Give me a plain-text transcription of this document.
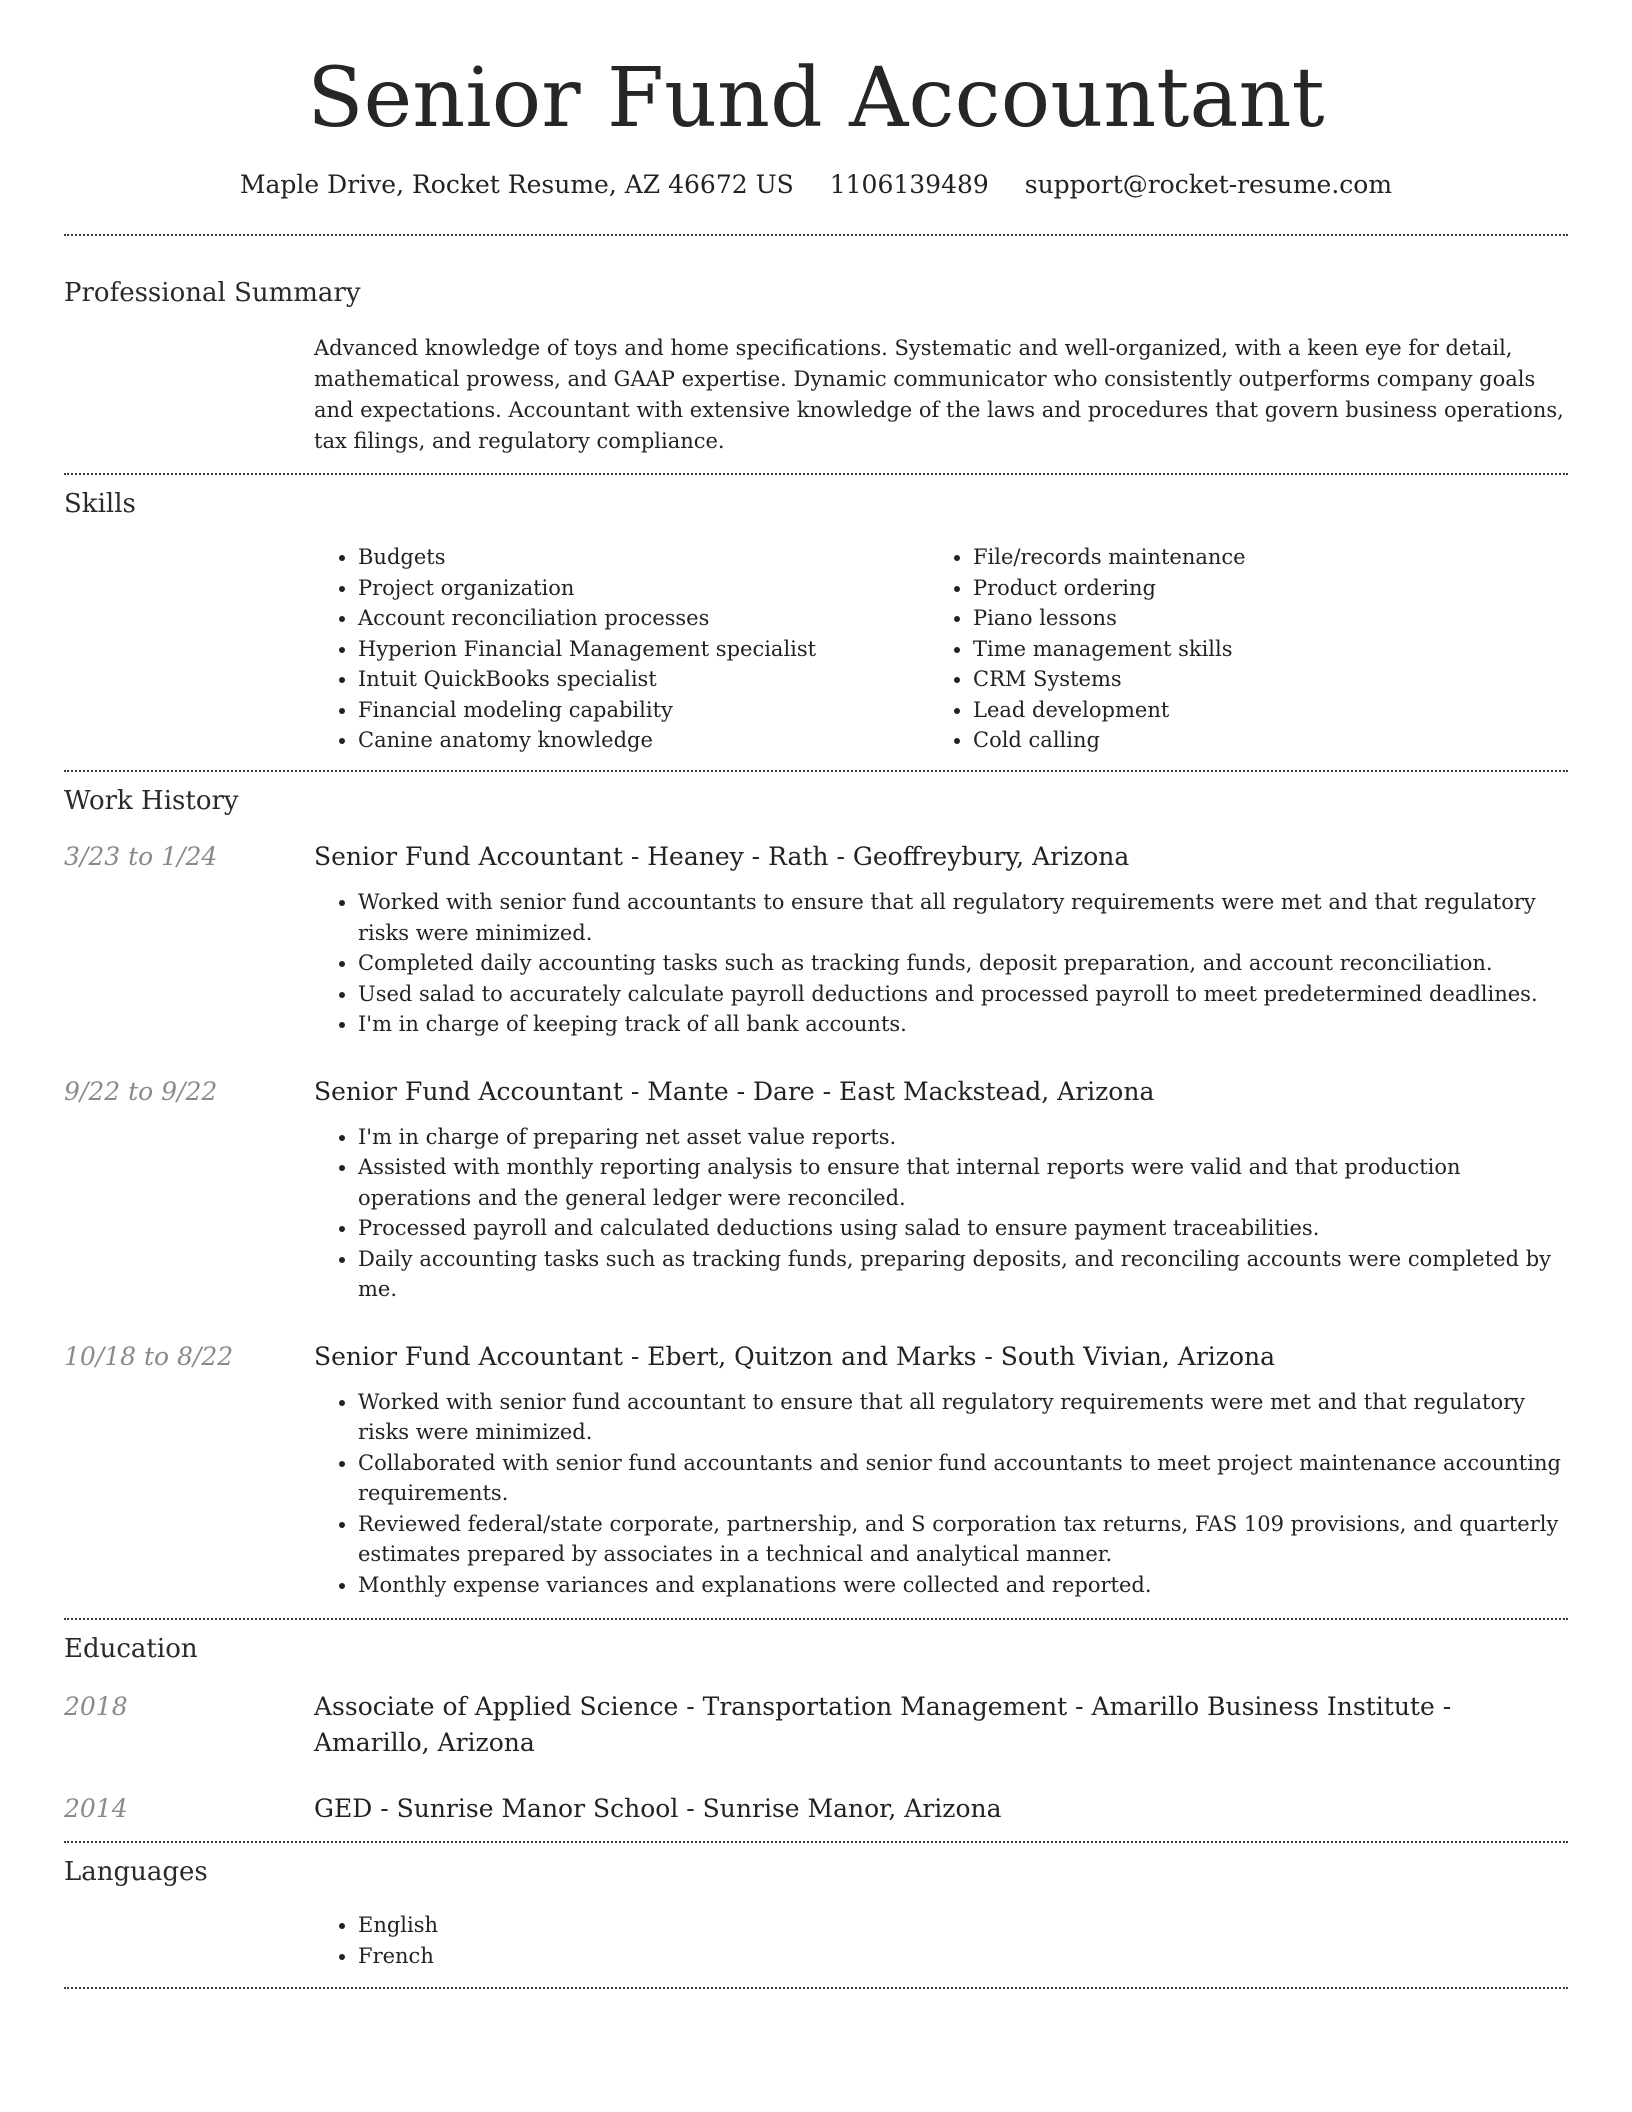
Senior Fund Accountant
Maple Drive, Rocket Resume, AZ 46672 US 1106139489 support@rocket-resume.com
Professional Summary
Advanced knowledge of toys and home specifications. Systematic and well-organized, with a keen eye for detail, mathematical prowess, and GAAP expertise. Dynamic communicator who consistently outperforms company goals and expectations. Accountant with extensive knowledge of the laws and procedures that govern business operations, tax filings, and regulatory compliance.
Skills
• Budgets
• Project organization
• Account reconciliation processes
• Hyperion Financial Management specialist
• Intuit QuickBooks specialist
• Financial modeling capability
• Canine anatomy knowledge
• File/records maintenance
• Product ordering
• Piano lessons
• Time management skills
• CRM Systems
• Lead development
• Cold calling
Work History
3/23 to 1/24	Senior Fund Accountant - Heaney - Rath - Geoffreybury, Arizona
• Worked with senior fund accountants to ensure that all regulatory requirements were met and that regulatory risks were minimized.
• Completed daily accounting tasks such as tracking funds, deposit preparation, and account reconciliation.
• Used salad to accurately calculate payroll deductions and processed payroll to meet predetermined deadlines.
• I'm in charge of keeping track of all bank accounts.
9/22 to 9/22	Senior Fund Accountant - Mante - Dare - East Mackstead, Arizona
• I'm in charge of preparing net asset value reports.
• Assisted with monthly reporting analysis to ensure that internal reports were valid and that production operations and the general ledger were reconciled.
• Processed payroll and calculated deductions using salad to ensure payment traceabilities.
• Daily accounting tasks such as tracking funds, preparing deposits, and reconciling accounts were completed by me.
10/18 to 8/22	Senior Fund Accountant - Ebert, Quitzon and Marks - South Vivian, Arizona
• Worked with senior fund accountant to ensure that all regulatory requirements were met and that regulatory risks were minimized.
• Collaborated with senior fund accountants and senior fund accountants to meet project maintenance accounting requirements.
• Reviewed federal/state corporate, partnership, and S corporation tax returns, FAS 109 provisions, and quarterly estimates prepared by associates in a technical and analytical manner.
• Monthly expense variances and explanations were collected and reported.
Education
2018	Associate of Applied Science - Transportation Management - Amarillo Business Institute - Amarillo, Arizona
2014	GED - Sunrise Manor School - Sunrise Manor, Arizona
Languages
• English
• French
